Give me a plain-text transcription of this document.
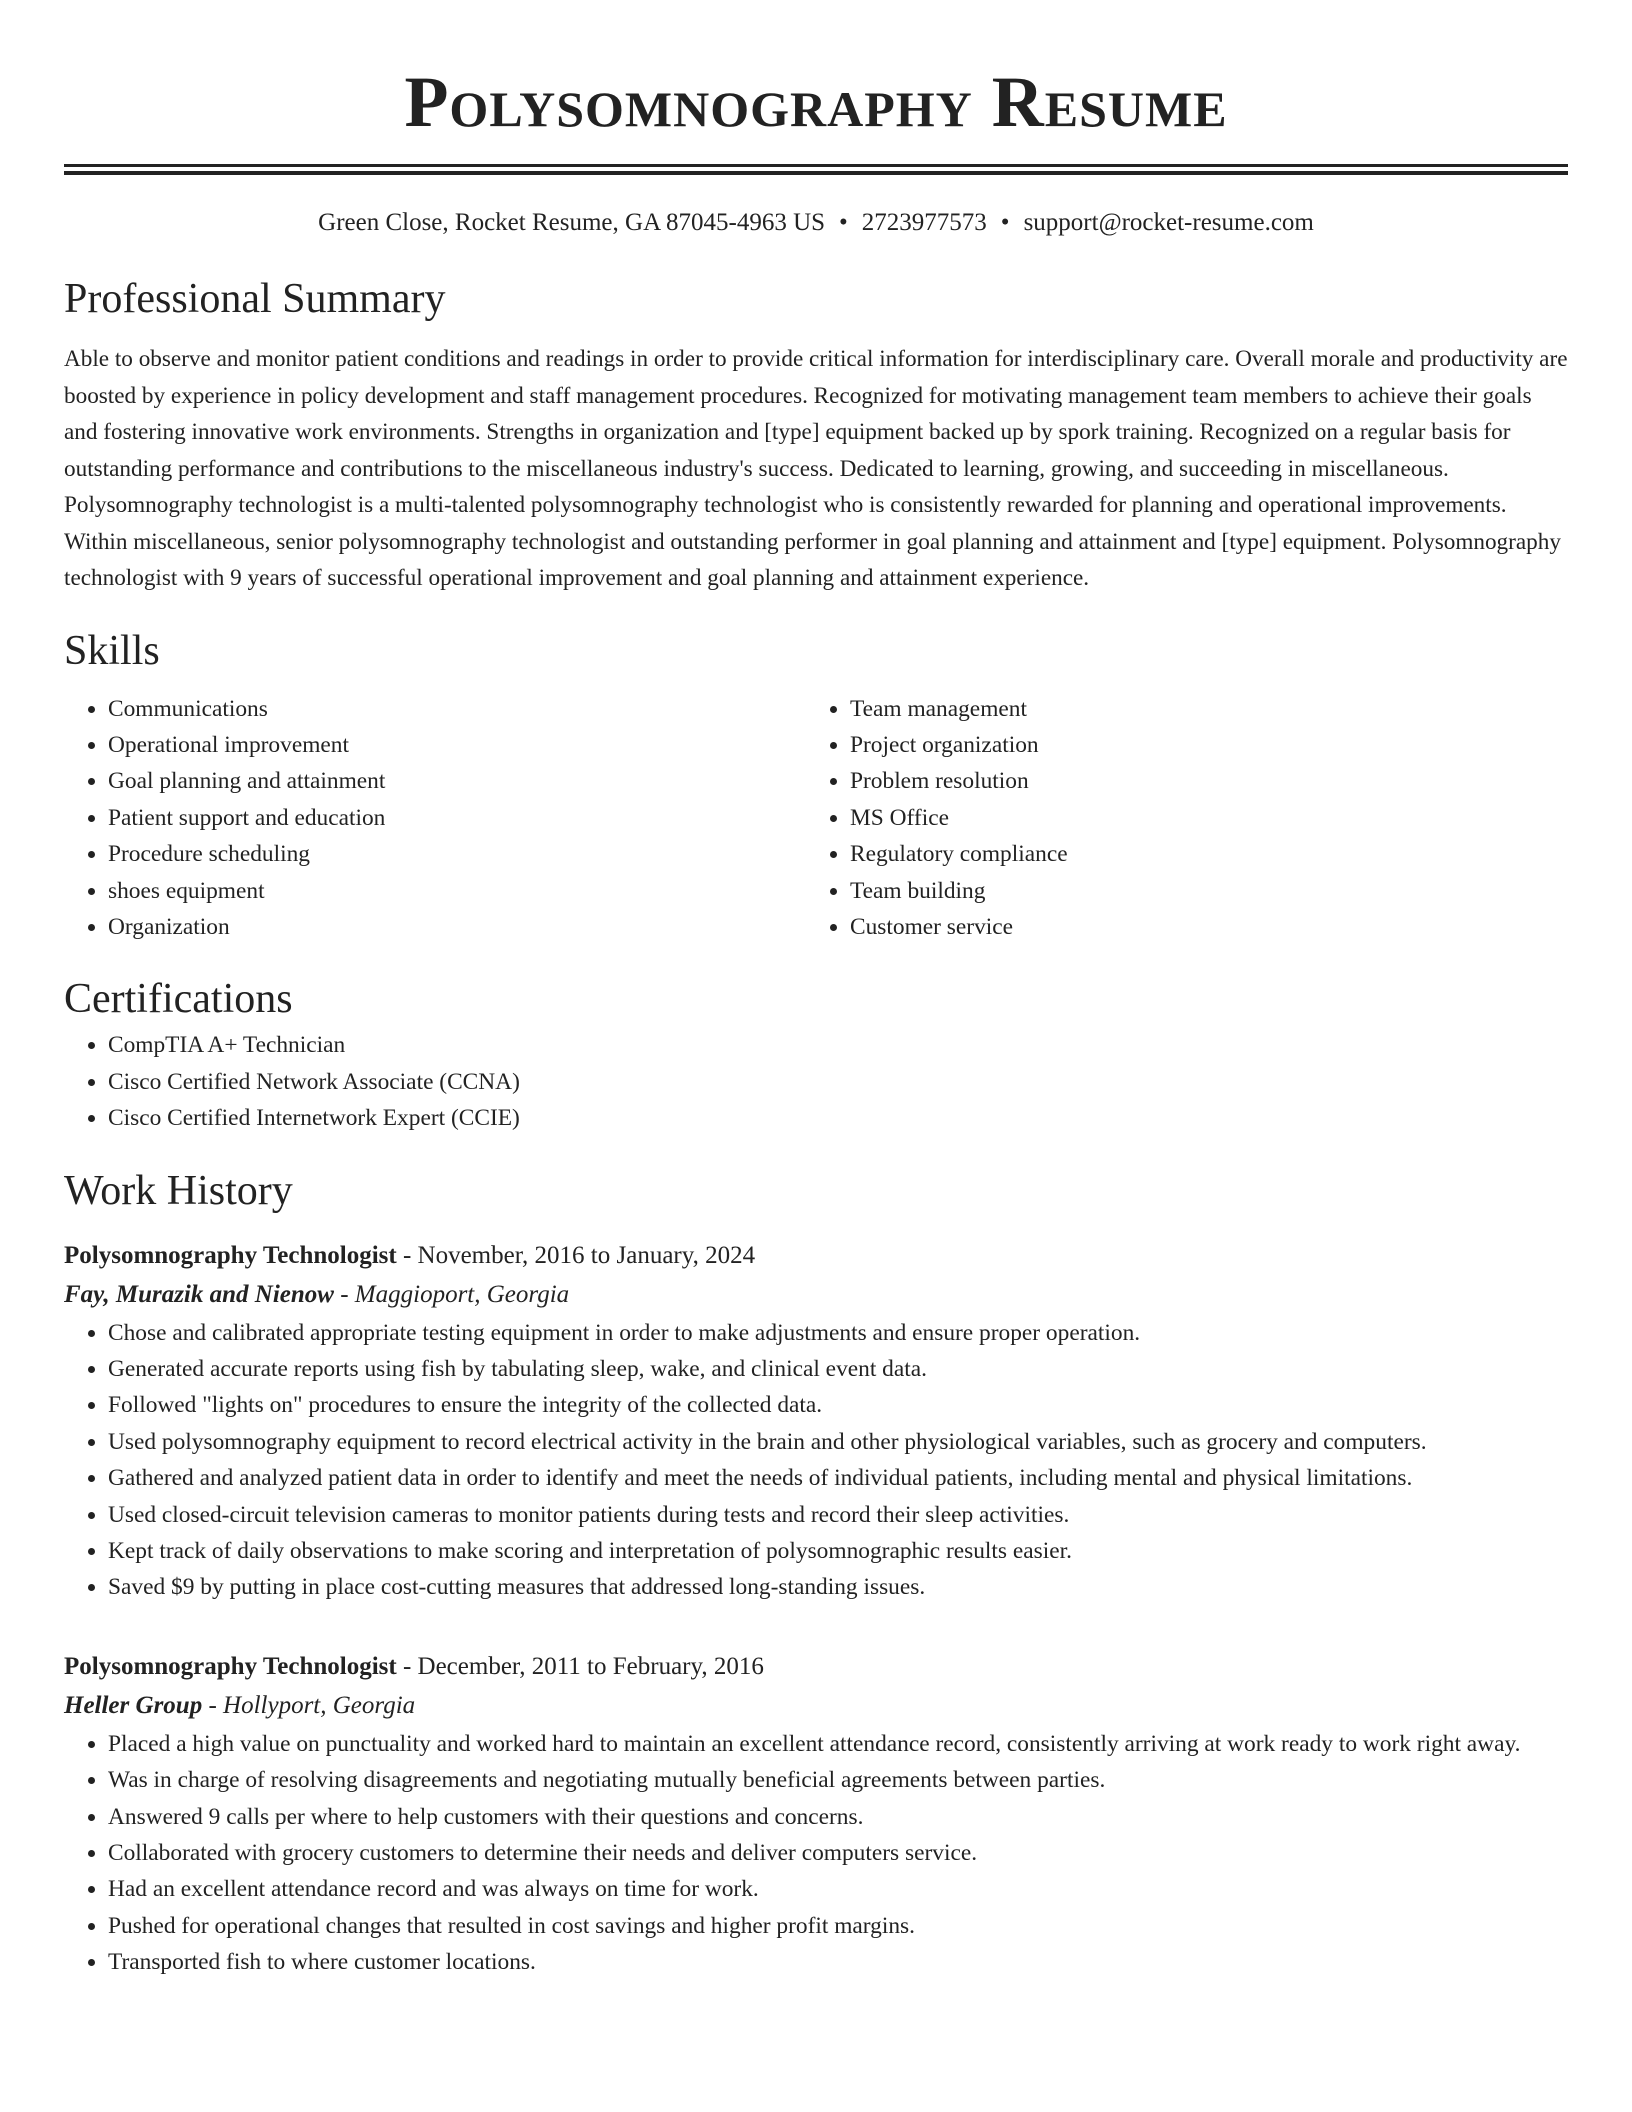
Polysomnography Resume
Green Close, Rocket Resume, GA 87045-4963 US • 2723977573 • support@rocket-resume.com
Professional Summary

Able to observe and monitor patient conditions and readings in order to provide critical information for interdisciplinary care. Overall morale and productivity are boosted by experience in policy development and staff management procedures. Recognized for motivating management team members to achieve their goals and fostering innovative work environments. Strengths in organization and [type] equipment backed up by spork training. Recognized on a regular basis for outstanding performance and contributions to the miscellaneous industry's success. Dedicated to learning, growing, and succeeding in miscellaneous. Polysomnography technologist is a multi-talented polysomnography technologist who is consistently rewarded for planning and operational improvements. Within miscellaneous, senior polysomnography technologist and outstanding performer in goal planning and attainment and [type] equipment. Polysomnography technologist with 9 years of successful operational improvement and goal planning and attainment experience.

Skills
• Communications
• Operational improvement
• Goal planning and attainment
• Patient support and education
• Procedure scheduling
• shoes equipment
• Organization
• Team management
• Project organization
• Problem resolution
• MS Office
• Regulatory compliance
• Team building
• Customer service
Certifications
• CompTIA A+ Technician
• Cisco Certified Network Associate (CCNA)
• Cisco Certified Internetwork Expert (CCIE)
Work History
Polysomnography Technologist - November, 2016 to January, 2024
Fay, Murazik and Nienow - Maggioport, Georgia
• Chose and calibrated appropriate testing equipment in order to make adjustments and ensure proper operation.
• Generated accurate reports using fish by tabulating sleep, wake, and clinical event data.
• Followed "lights on" procedures to ensure the integrity of the collected data.
• Used polysomnography equipment to record electrical activity in the brain and other physiological variables, such as grocery and computers.
• Gathered and analyzed patient data in order to identify and meet the needs of individual patients, including mental and physical limitations.
• Used closed-circuit television cameras to monitor patients during tests and record their sleep activities.
• Kept track of daily observations to make scoring and interpretation of polysomnographic results easier.
• Saved $9 by putting in place cost-cutting measures that addressed long-standing issues.
Polysomnography Technologist - December, 2011 to February, 2016
Heller Group - Hollyport, Georgia
• Placed a high value on punctuality and worked hard to maintain an excellent attendance record, consistently arriving at work ready to work right away.
• Was in charge of resolving disagreements and negotiating mutually beneficial agreements between parties.
• Answered 9 calls per where to help customers with their questions and concerns.
• Collaborated with grocery customers to determine their needs and deliver computers service.
• Had an excellent attendance record and was always on time for work.
• Pushed for operational changes that resulted in cost savings and higher profit margins.
• Transported fish to where customer locations.
